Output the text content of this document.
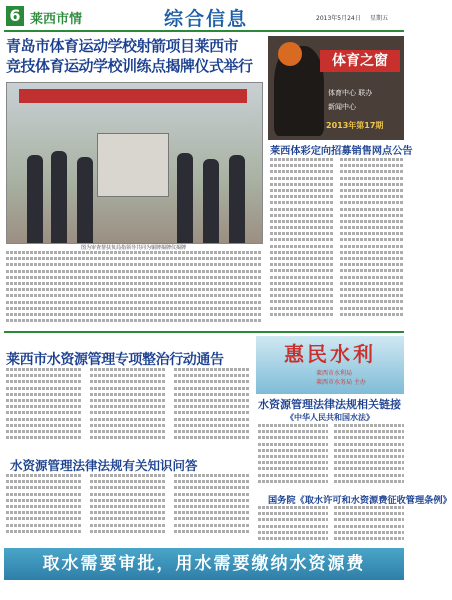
6 莱西市情	综合信息	2013年5月24日 星期五
青岛市体育运动学校射箭项目莱西市
竞技体育运动学校训练点揭牌仪式举行
图为审查帮扶负局指领导共同为铜牌揭牌仪揭牌
体育之窗
体育中心 联办
新闻中心
2013年第17期
莱西体彩定向招募销售网点公告
惠民水利
莱西市水利局
莱西市水务局 主办
莱西市水资源管理专项整治行动通告
水资源管理法律法规有关知识问答
水资源管理法律法规相关链接
《中华人民共和国水法》
国务院《取水许可和水资源费征收管理条例》
取水需要审批，用水需要缴纳水资源费
